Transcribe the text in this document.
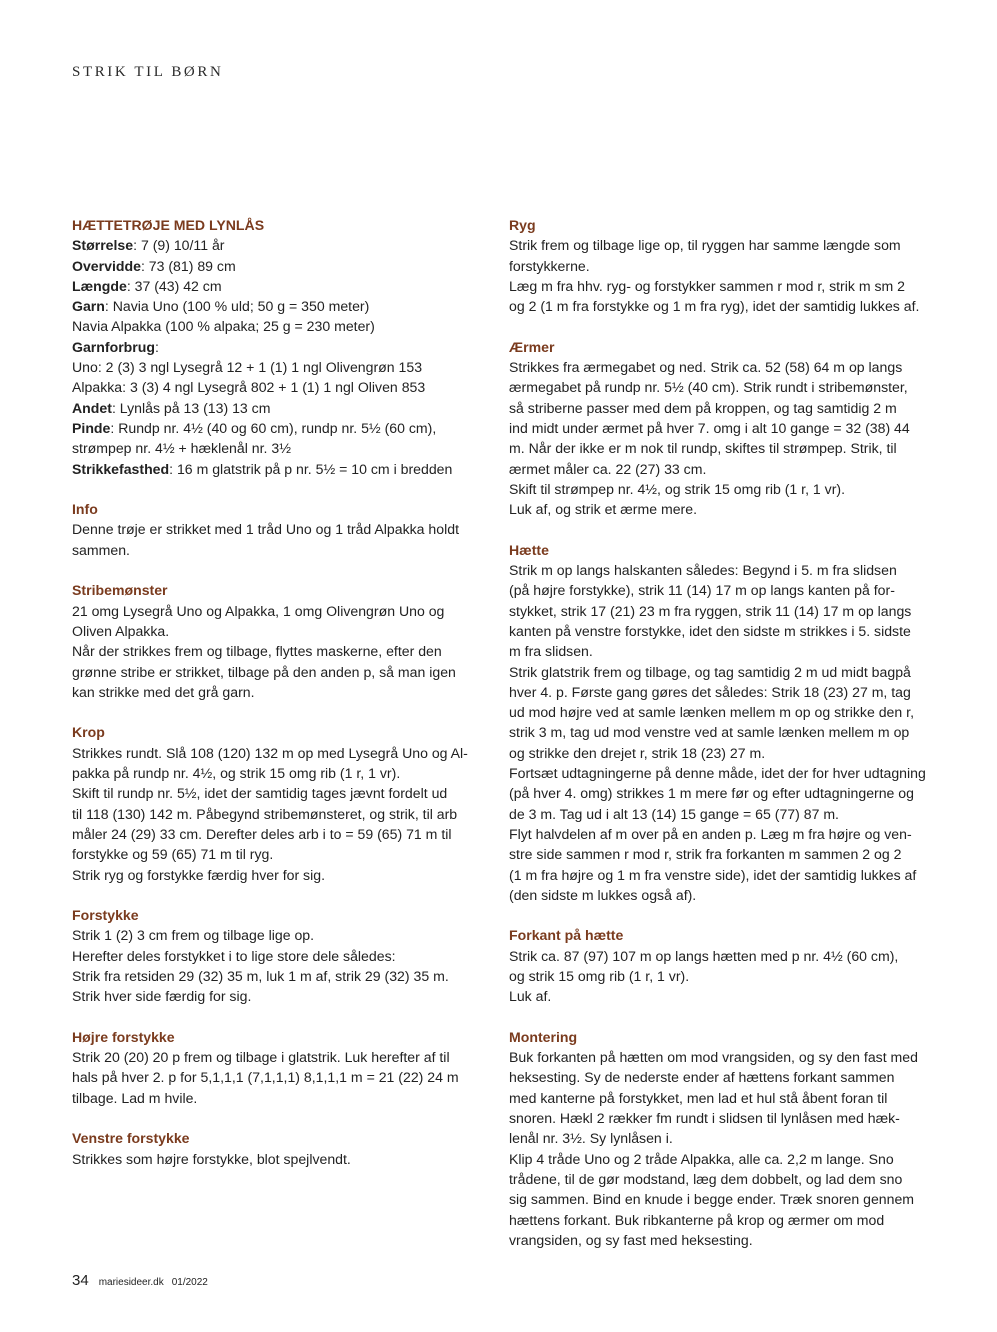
STRIK TIL BØRN
HÆTTETRØJE MED LYNLÅS
Størrelse: 7 (9) 10/11 år
Overvidde: 73 (81) 89 cm
Længde: 37 (43) 42 cm
Garn: Navia Uno (100 % uld; 50 g = 350 meter)
Navia Alpakka (100 % alpaka; 25 g = 230 meter)
Garnforbrug:
Uno: 2 (3) 3 ngl Lysegrå 12 + 1 (1) 1 ngl Olivengrøn 153
Alpakka: 3 (3) 4 ngl Lysegrå 802 + 1 (1) 1 ngl Oliven 853
Andet: Lynlås på 13 (13) 13 cm
Pinde: Rundp nr. 4½ (40 og 60 cm), rundp nr. 5½ (60 cm),
strømpep nr. 4½ + hæklenål nr. 3½
Strikkefasthed: 16 m glatstrik på p nr. 5½ = 10 cm i bredden
Info
Denne trøje er strikket med 1 tråd Uno og 1 tråd Alpakka holdt
sammen.
Stribemønster
21 omg Lysegrå Uno og Alpakka, 1 omg Olivengrøn Uno og
Oliven Alpakka.
Når der strikkes frem og tilbage, flyttes maskerne, efter den
grønne stribe er strikket, tilbage på den anden p, så man igen
kan strikke med det grå garn.
Krop
Strikkes rundt. Slå 108 (120) 132 m op med Lysegrå Uno og Al-
pakka på rundp nr. 4½, og strik 15 omg rib (1 r, 1 vr).
Skift til rundp nr. 5½, idet der samtidig tages jævnt fordelt ud
til 118 (130) 142 m. Påbegynd stribemønsteret, og strik, til arb
måler 24 (29) 33 cm. Derefter deles arb i to = 59 (65) 71 m til
forstykke og 59 (65) 71 m til ryg.
Strik ryg og forstykke færdig hver for sig.
Forstykke
Strik 1 (2) 3 cm frem og tilbage lige op.
Herefter deles forstykket i to lige store dele således:
Strik fra retsiden 29 (32) 35 m, luk 1 m af, strik 29 (32) 35 m.
Strik hver side færdig for sig.
Højre forstykke
Strik 20 (20) 20 p frem og tilbage i glatstrik. Luk herefter af til
hals på hver 2. p for 5,1,1,1 (7,1,1,1) 8,1,1,1 m = 21 (22) 24 m
tilbage. Lad m hvile.
Venstre forstykke
Strikkes som højre forstykke, blot spejlvendt.
Ryg
Strik frem og tilbage lige op, til ryggen har samme længde som
forstykkerne.
Læg m fra hhv. ryg- og forstykker sammen r mod r, strik m sm 2
og 2 (1 m fra forstykke og 1 m fra ryg), idet der samtidig lukkes af.
Ærmer
Strikkes fra ærmegabet og ned. Strik ca. 52 (58) 64 m op langs
ærmegabet på rundp nr. 5½ (40 cm). Strik rundt i stribemønster,
så striberne passer med dem på kroppen, og tag samtidig 2 m
ind midt under ærmet på hver 7. omg i alt 10 gange = 32 (38) 44
m. Når der ikke er m nok til rundp, skiftes til strømpep. Strik, til
ærmet måler ca. 22 (27) 33 cm.
Skift til strømpep nr. 4½, og strik 15 omg rib (1 r, 1 vr).
Luk af, og strik et ærme mere.
Hætte
Strik m op langs halskanten således: Begynd i 5. m fra slidsen
(på højre forstykke), strik 11 (14) 17 m op langs kanten på for-
stykket, strik 17 (21) 23 m fra ryggen, strik 11 (14) 17 m op langs
kanten på venstre forstykke, idet den sidste m strikkes i 5. sidste
m fra slidsen.
Strik glatstrik frem og tilbage, og tag samtidig 2 m ud midt bagpå
hver 4. p. Første gang gøres det således: Strik 18 (23) 27 m, tag
ud mod højre ved at samle lænken mellem m op og strikke den r,
strik 3 m, tag ud mod venstre ved at samle lænken mellem m op
og strikke den drejet r, strik 18 (23) 27 m.
Fortsæt udtagningerne på denne måde, idet der for hver udtagning
(på hver 4. omg) strikkes 1 m mere før og efter udtagningerne og
de 3 m. Tag ud i alt 13 (14) 15 gange = 65 (77) 87 m.
Flyt halvdelen af m over på en anden p. Læg m fra højre og ven-
stre side sammen r mod r, strik fra forkanten m sammen 2 og 2
(1 m fra højre og 1 m fra venstre side), idet der samtidig lukkes af
(den sidste m lukkes også af).
Forkant på hætte
Strik ca. 87 (97) 107 m op langs hætten med p nr. 4½ (60 cm),
og strik 15 omg rib (1 r, 1 vr).
Luk af.
Montering
Buk forkanten på hætten om mod vrangsiden, og sy den fast med
heksesting. Sy de nederste ender af hættens forkant sammen
med kanterne på forstykket, men lad et hul stå åbent foran til
snoren. Hækl 2 rækker fm rundt i slidsen til lynlåsen med hæk-
lenål nr. 3½. Sy lynlåsen i.
Klip 4 tråde Uno og 2 tråde Alpakka, alle ca. 2,2 m lange. Sno
trådene, til de gør modstand, læg dem dobbelt, og lad dem sno
sig sammen. Bind en knude i begge ender. Træk snoren gennem
hættens forkant. Buk ribkanterne på krop og ærmer om mod
vrangsiden, og sy fast med heksesting.
34 mariesideer.dk 01/2022
